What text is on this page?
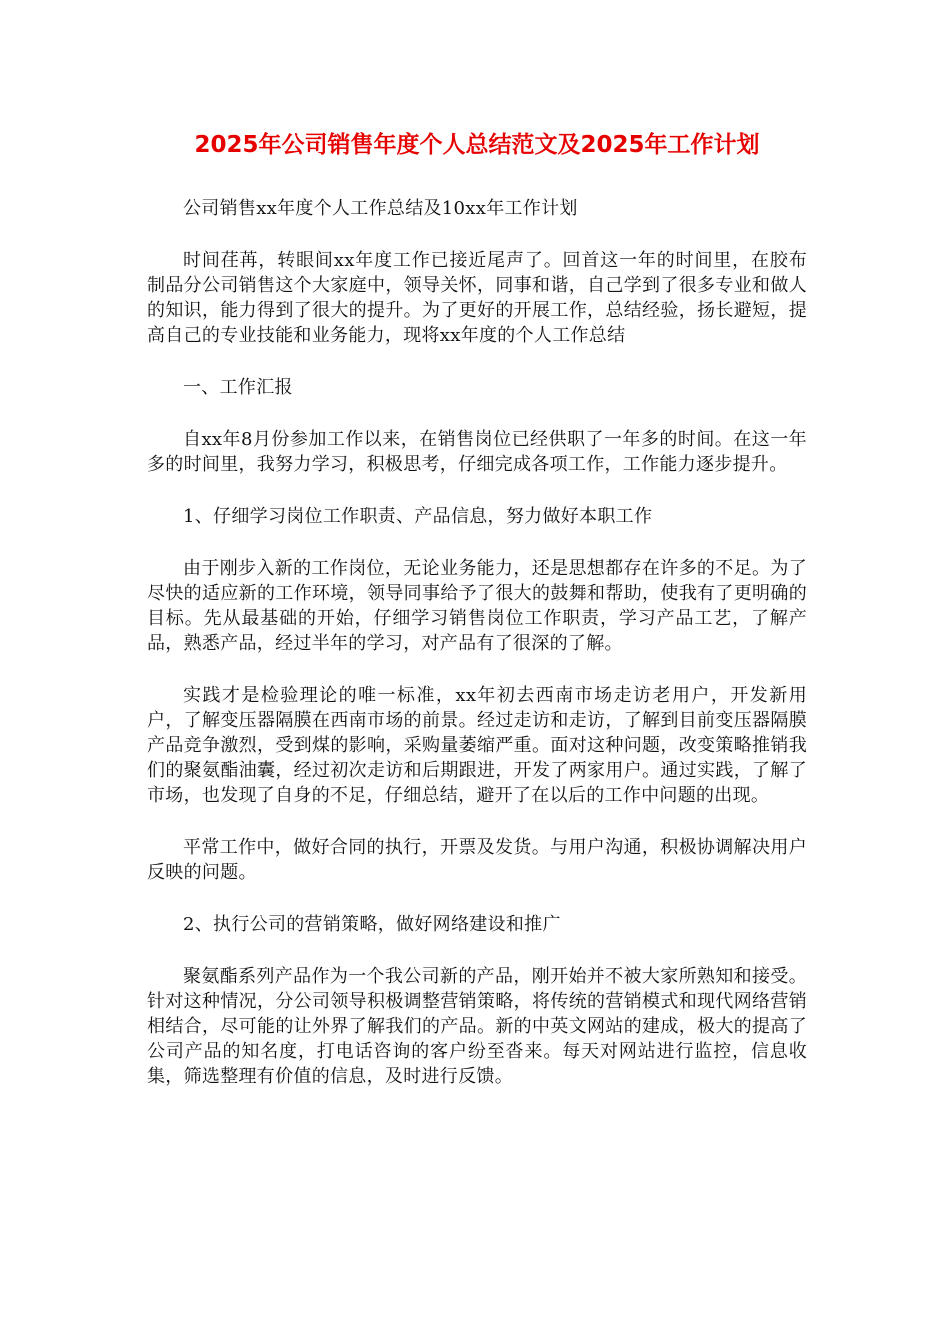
2025年公司销售年度个人总结范文及2025年工作计划

公司销售xx年度个人工作总结及10xx年工作计划

时间荏苒，转眼间xx年度工作已接近尾声了。回首这一年的时间里，在胶布制品分公司销售这个大家庭中，领导关怀，同事和谐，自己学到了很多专业和做人的知识，能力得到了很大的提升。为了更好的开展工作，总结经验，扬长避短，提高自己的专业技能和业务能力，现将xx年度的个人工作总结

一、工作汇报

自xx年8月份参加工作以来，在销售岗位已经供职了一年多的时间。在这一年多的时间里，我努力学习，积极思考，仔细完成各项工作，工作能力逐步提升。

1、仔细学习岗位工作职责、产品信息，努力做好本职工作

由于刚步入新的工作岗位，无论业务能力，还是思想都存在许多的不足。为了尽快的适应新的工作环境，领导同事给予了很大的鼓舞和帮助，使我有了更明确的目标。先从最基础的开始，仔细学习销售岗位工作职责，学习产品工艺，了解产品，熟悉产品，经过半年的学习，对产品有了很深的了解。

实践才是检验理论的唯一标准，xx年初去西南市场走访老用户，开发新用户，了解变压器隔膜在西南市场的前景。经过走访和走访，了解到目前变压器隔膜产品竞争激烈，受到煤的影响，采购量萎缩严重。面对这种问题，改变策略推销我们的聚氨酯油囊，经过初次走访和后期跟进，开发了两家用户。通过实践，了解了市场，也发现了自身的不足，仔细总结，避开了在以后的工作中问题的出现。

平常工作中，做好合同的执行，开票及发货。与用户沟通，积极协调解决用户反映的问题。

2、执行公司的营销策略，做好网络建设和推广

聚氨酯系列产品作为一个我公司新的产品，刚开始并不被大家所熟知和接受。针对这种情况，分公司领导积极调整营销策略，将传统的营销模式和现代网络营销相结合，尽可能的让外界了解我们的产品。新的中英文网站的建成，极大的提高了公司产品的知名度，打电话咨询的客户纷至沓来。每天对网站进行监控，信息收集，筛选整理有价值的信息，及时进行反馈。
